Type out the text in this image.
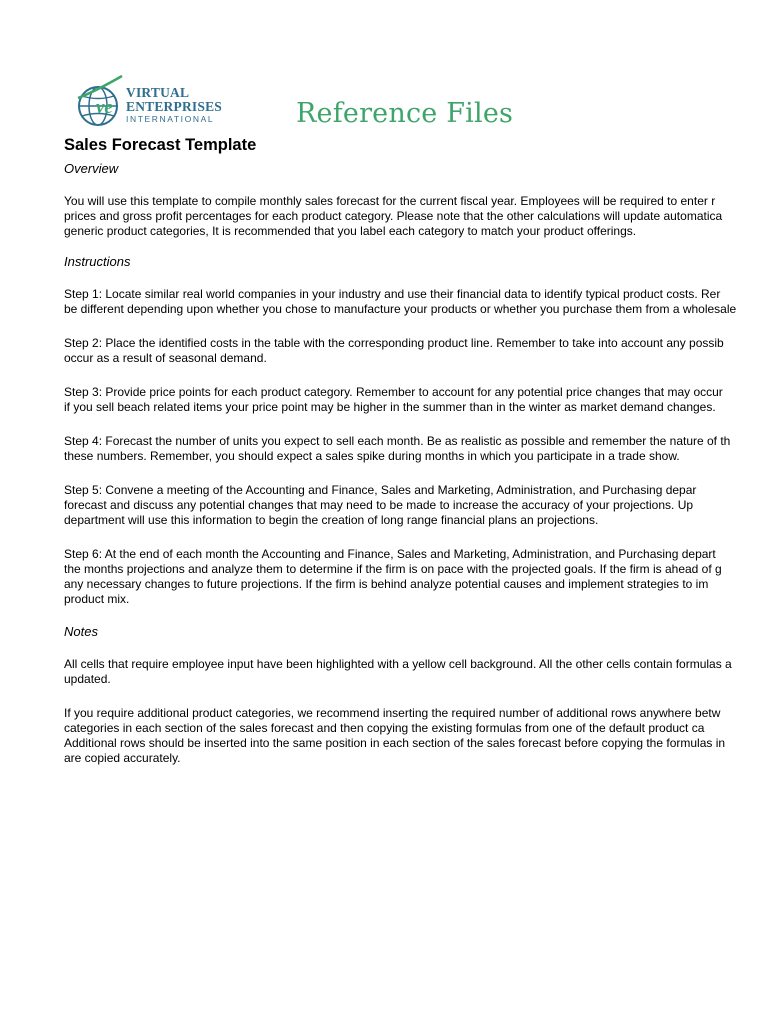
ve
VIRTUAL
ENTERPRISES
INTERNATIONAL	Reference Files
Sales Forecast Template
Overview

You will use this template to compile monthly sales forecast for the current fiscal year. Employees will be required to enter r
prices and gross profit percentages for each product category. Please note that the other calculations will update automatica
generic product categories, It is recommended that you label each category to match your product offerings.

Instructions

Step 1: Locate similar real world companies in your industry and use their financial data to identify typical product costs. Rer
be different depending upon whether you chose to manufacture your products or whether you purchase them from a wholesale

Step 2: Place the identified costs in the table with the corresponding product line. Remember to take into account any possib
occur as a result of seasonal demand.

Step 3: Provide price points for each product category. Remember to account for any potential price changes that may occur
if you sell beach related items your price point may be higher in the summer than in the winter as market demand changes.

Step 4: Forecast the number of units you expect to sell each month. Be as realistic as possible and remember the nature of th
these numbers. Remember, you should expect a sales spike during months in which you participate in a trade show.

Step 5: Convene a meeting of the Accounting and Finance, Sales and Marketing, Administration, and Purchasing depar
forecast and discuss any potential changes that may need to be made to increase the accuracy of your projections. Up
department will use this information to begin the creation of long range financial plans an projections.

Step 6: At the end of each month the Accounting and Finance, Sales and Marketing, Administration, and Purchasing depart
the months projections and analyze them to determine if the firm is on pace with the projected goals. If the firm is ahead of g
any necessary changes to future projections. If the firm is behind analyze potential causes and implement strategies to im
product mix.

Notes

All cells that require employee input have been highlighted with a yellow cell background. All the other cells contain formulas a
updated.

If you require additional product categories, we recommend inserting the required number of additional rows anywhere betw
categories in each section of the sales forecast and then copying the existing formulas from one of the default product ca
Additional rows should be inserted into the same position in each section of the sales forecast before copying the formulas in
are copied accurately.
